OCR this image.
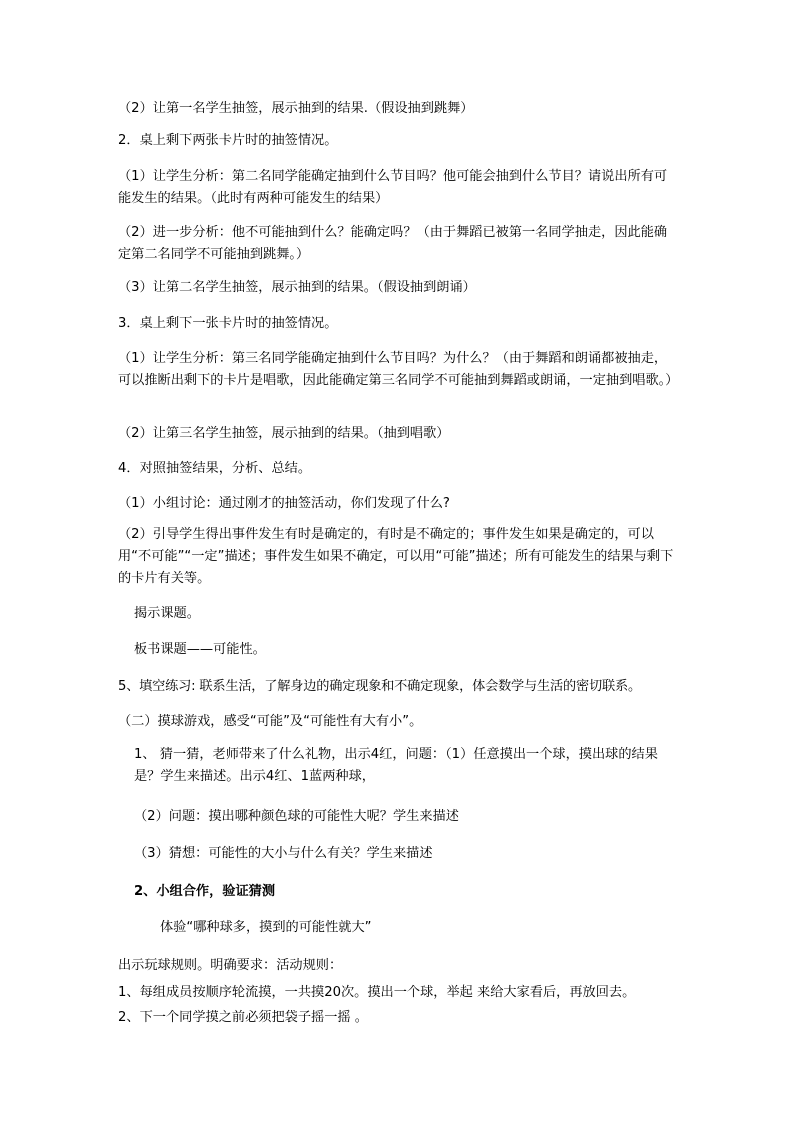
（2）让第一名学生抽签，展示抽到的结果.（假设抽到跳舞）

2．桌上剩下两张卡片时的抽签情况。

（1）让学生分析：第二名同学能确定抽到什么节目吗？他可能会抽到什么节目？请说出所有可能发生的结果。（此时有两种可能发生的结果）

（2）进一步分析：他不可能抽到什么？能确定吗？（由于舞蹈已被第一名同学抽走，因此能确定第二名同学不可能抽到跳舞。）

（3）让第二名学生抽签，展示抽到的结果。（假设抽到朗诵）

3．桌上剩下一张卡片时的抽签情况。

（1）让学生分析：第三名同学能确定抽到什么节目吗？为什么？（由于舞蹈和朗诵都被抽走，可以推断出剩下的卡片是唱歌，因此能确定第三名同学不可能抽到舞蹈或朗诵，一定抽到唱歌。）

（2）让第三名学生抽签，展示抽到的结果。（抽到唱歌）

4．对照抽签结果，分析、总结。

（1）小组讨论：通过刚才的抽签活动，你们发现了什么?

（2）引导学生得出事件发生有时是确定的，有时是不确定的；事件发生如果是确定的，可以用“不可能”“一定”描述；事件发生如果不确定，可以用“可能”描述；所有可能发生的结果与剩下的卡片有关等。

揭示课题。

板书课题——可能性。

5、填空练习: 联系生活，了解身边的确定现象和不确定现象，体会数学与生活的密切联系。

（二）摸球游戏，感受“可能”及“可能性有大有小”。

1、 猜一猜，老师带来了什么礼物，出示4红，问题：（1）任意摸出一个球，摸出球的结果是？学生来描述。出示4红、1蓝两种球，

（2）问题：摸出哪种颜色球的可能性大呢？学生来描述

（3）猜想：可能性的大小与什么有关？学生来描述

2、小组合作，验证猜测

体验“哪种球多，摸到的可能性就大”

出示玩球规则。明确要求：活动规则：

1、每组成员按顺序轮流摸，一共摸20次。摸出一个球，举起 来给大家看后，再放回去。

2、下一个同学摸之前必须把袋子摇一摇 。
